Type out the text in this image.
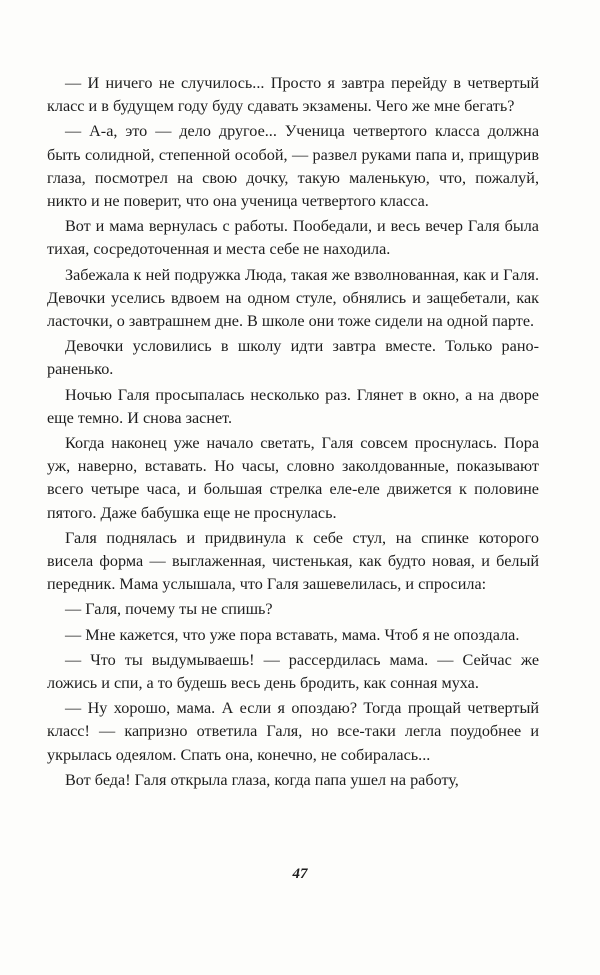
— И ничего не случилось... Просто я завтра перейду в четвертый класс и в будущем году буду сдавать экзамены. Чего же мне бегать?

— А-а, это — дело другое... Ученица четвертого класса должна быть солидной, степенной особой, — развел руками папа и, прищурив глаза, посмотрел на свою дочку, такую маленькую, что, пожалуй, никто и не поверит, что она ученица четвертого класса.

Вот и мама вернулась с работы. Пообедали, и весь вечер Галя была тихая, сосредоточенная и места себе не находила.

Забежала к ней подружка Люда, такая же взволнованная, как и Галя. Девочки уселись вдвоем на одном стуле, обнялись и защебетали, как ласточки, о завтрашнем дне. В школе они тоже сидели на одной парте.

Девочки условились в школу идти завтра вместе. Только рано-раненько.

Ночью Галя просыпалась несколько раз. Глянет в окно, а на дворе еще темно. И снова заснет.

Когда наконец уже начало светать, Галя совсем проснулась. Пора уж, наверно, вставать. Но часы, словно заколдованные, показывают всего четыре часа, и большая стрелка еле-еле движется к половине пятого. Даже бабушка еще не проснулась.

Галя поднялась и придвинула к себе стул, на спинке которого висела форма — выглаженная, чистенькая, как будто новая, и белый передник. Мама услышала, что Галя зашевелилась, и спросила:

— Галя, почему ты не спишь?

— Мне кажется, что уже пора вставать, мама. Чтоб я не опоздала.

— Что ты выдумываешь! — рассердилась мама. — Сейчас же ложись и спи, а то будешь весь день бродить, как сонная муха.

— Ну хорошо, мама. А если я опоздаю? Тогда прощай четвертый класс! — капризно ответила Галя, но все-таки легла поудобнее и укрылась одеялом. Спать она, конечно, не собиралась...

Вот беда! Галя открыла глаза, когда папа ушел на работу,

47
